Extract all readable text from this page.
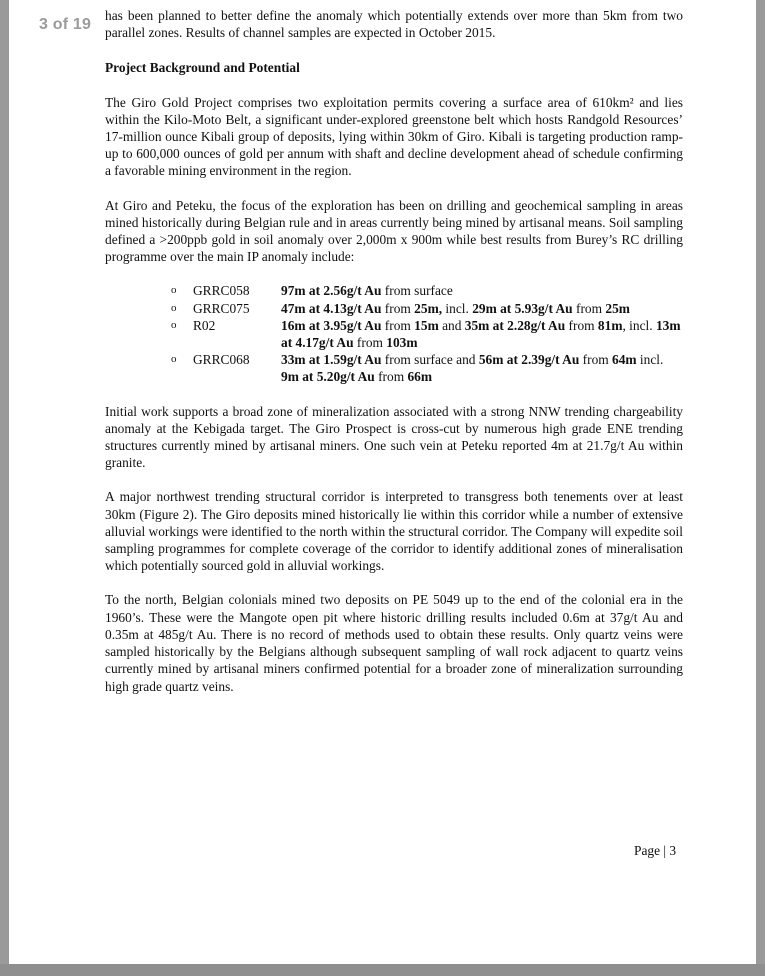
3 of 19

has been planned to better define the anomaly which potentially extends over more than 5km from two parallel zones. Results of channel samples are expected in October 2015.

Project Background and Potential

The Giro Gold Project comprises two exploitation permits covering a surface area of 610km² and lies within the Kilo-Moto Belt, a significant under-explored greenstone belt which hosts Randgold Resources’ 17-million ounce Kibali group of deposits, lying within 30km of Giro. Kibali is targeting production ramp-up to 600,000 ounces of gold per annum with shaft and decline development ahead of schedule confirming a favorable mining environment in the region.

At Giro and Peteku, the focus of the exploration has been on drilling and geochemical sampling in areas mined historically during Belgian rule and in areas currently being mined by artisanal means. Soil sampling defined a >200ppb gold in soil anomaly over 2,000m x 900m while best results from Burey’s RC drilling programme over the main IP anomaly include:

o	GRRC058	97m at 2.56g/t Au from surface
o	GRRC075	47m at 4.13g/t Au from 25m, incl. 29m at 5.93g/t Au from 25m
o	R02	16m at 3.95g/t Au from 15m and 35m at 2.28g/t Au from 81m, incl. 13m at 4.17g/t Au from 103m
o	GRRC068	33m at 1.59g/t Au from surface and 56m at 2.39g/t Au from 64m incl. 9m at 5.20g/t Au from 66m

Initial work supports a broad zone of mineralization associated with a strong NNW trending chargeability anomaly at the Kebigada target. The Giro Prospect is cross-cut by numerous high grade ENE trending structures currently mined by artisanal miners. One such vein at Peteku reported 4m at 21.7g/t Au within granite.

A major northwest trending structural corridor is interpreted to transgress both tenements over at least 30km (Figure 2). The Giro deposits mined historically lie within this corridor while a number of extensive alluvial workings were identified to the north within the structural corridor. The Company will expedite soil sampling programmes for complete coverage of the corridor to identify additional zones of mineralisation which potentially sourced gold in alluvial workings.

To the north, Belgian colonials mined two deposits on PE 5049 up to the end of the colonial era in the 1960’s. These were the Mangote open pit where historic drilling results included 0.6m at 37g/t Au and 0.35m at 485g/t Au. There is no record of methods used to obtain these results. Only quartz veins were sampled historically by the Belgians although subsequent sampling of wall rock adjacent to quartz veins currently mined by artisanal miners confirmed potential for a broader zone of mineralization surrounding high grade quartz veins.

Page | 3
